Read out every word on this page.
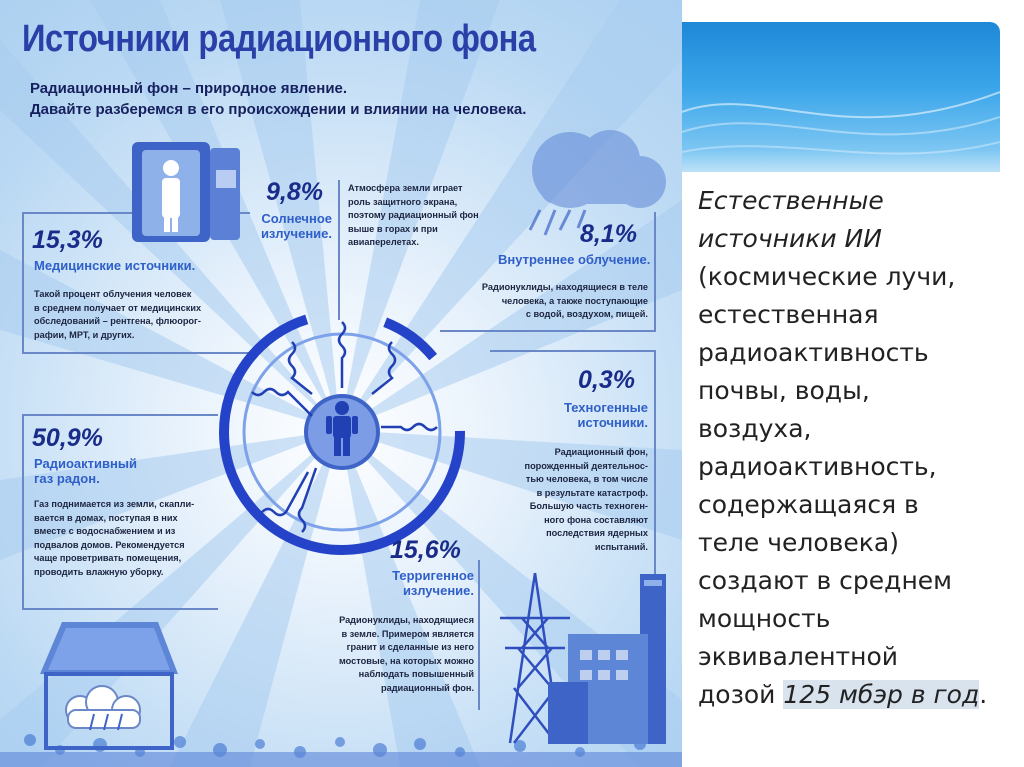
Источники радиационного фона
Радиационный фон – природное явление.
Давайте разберемся в его происхождении и влиянии на человека.
9,8%
Солнечное
излучение.
Атмосфера земли играет
роль защитного экрана,
поэтому радиационный фон
выше в горах и при
авиаперелетах.
15,3%
Медицинские источники.
Такой процент облучения человек
в среднем получает от медицинских
обследований – рентгена, флюорог-
рафии, МРТ, и других.
8,1%
Внутреннее облучение.
Радионуклиды, находящиеся в теле
человека, а также поступающие
с водой, воздухом, пищей.
0,3%
Техногенные
источники.
Радиационный фон,
порожденный деятельнос-
тью человека, в том числе
в результате катастроф.
Большую часть техноген-
ного фона составляют
последствия ядерных
испытаний.
50,9%
Радиоактивный
газ радон.
Газ поднимается из земли, скапли-
вается в домах, поступая в них
вместе с водоснабжением и из
подвалов домов. Рекомендуется
чаще проветривать помещения,
проводить влажную уборку.
15,6%
Терригенное
излучение.
Радионуклиды, находящиеся
в земле. Примером является
гранит и сделанные из него
мостовые, на которых можно
наблюдать повышенный
радиационный фон.
Естественные
источники ИИ
(космические лучи,
естественная
радиоактивность
почвы, воды,
воздуха,
радиоактивность,
содержащаяся в
теле человека)
создают в среднем
мощность
эквивалентной
дозой 125 мбэр в год.
